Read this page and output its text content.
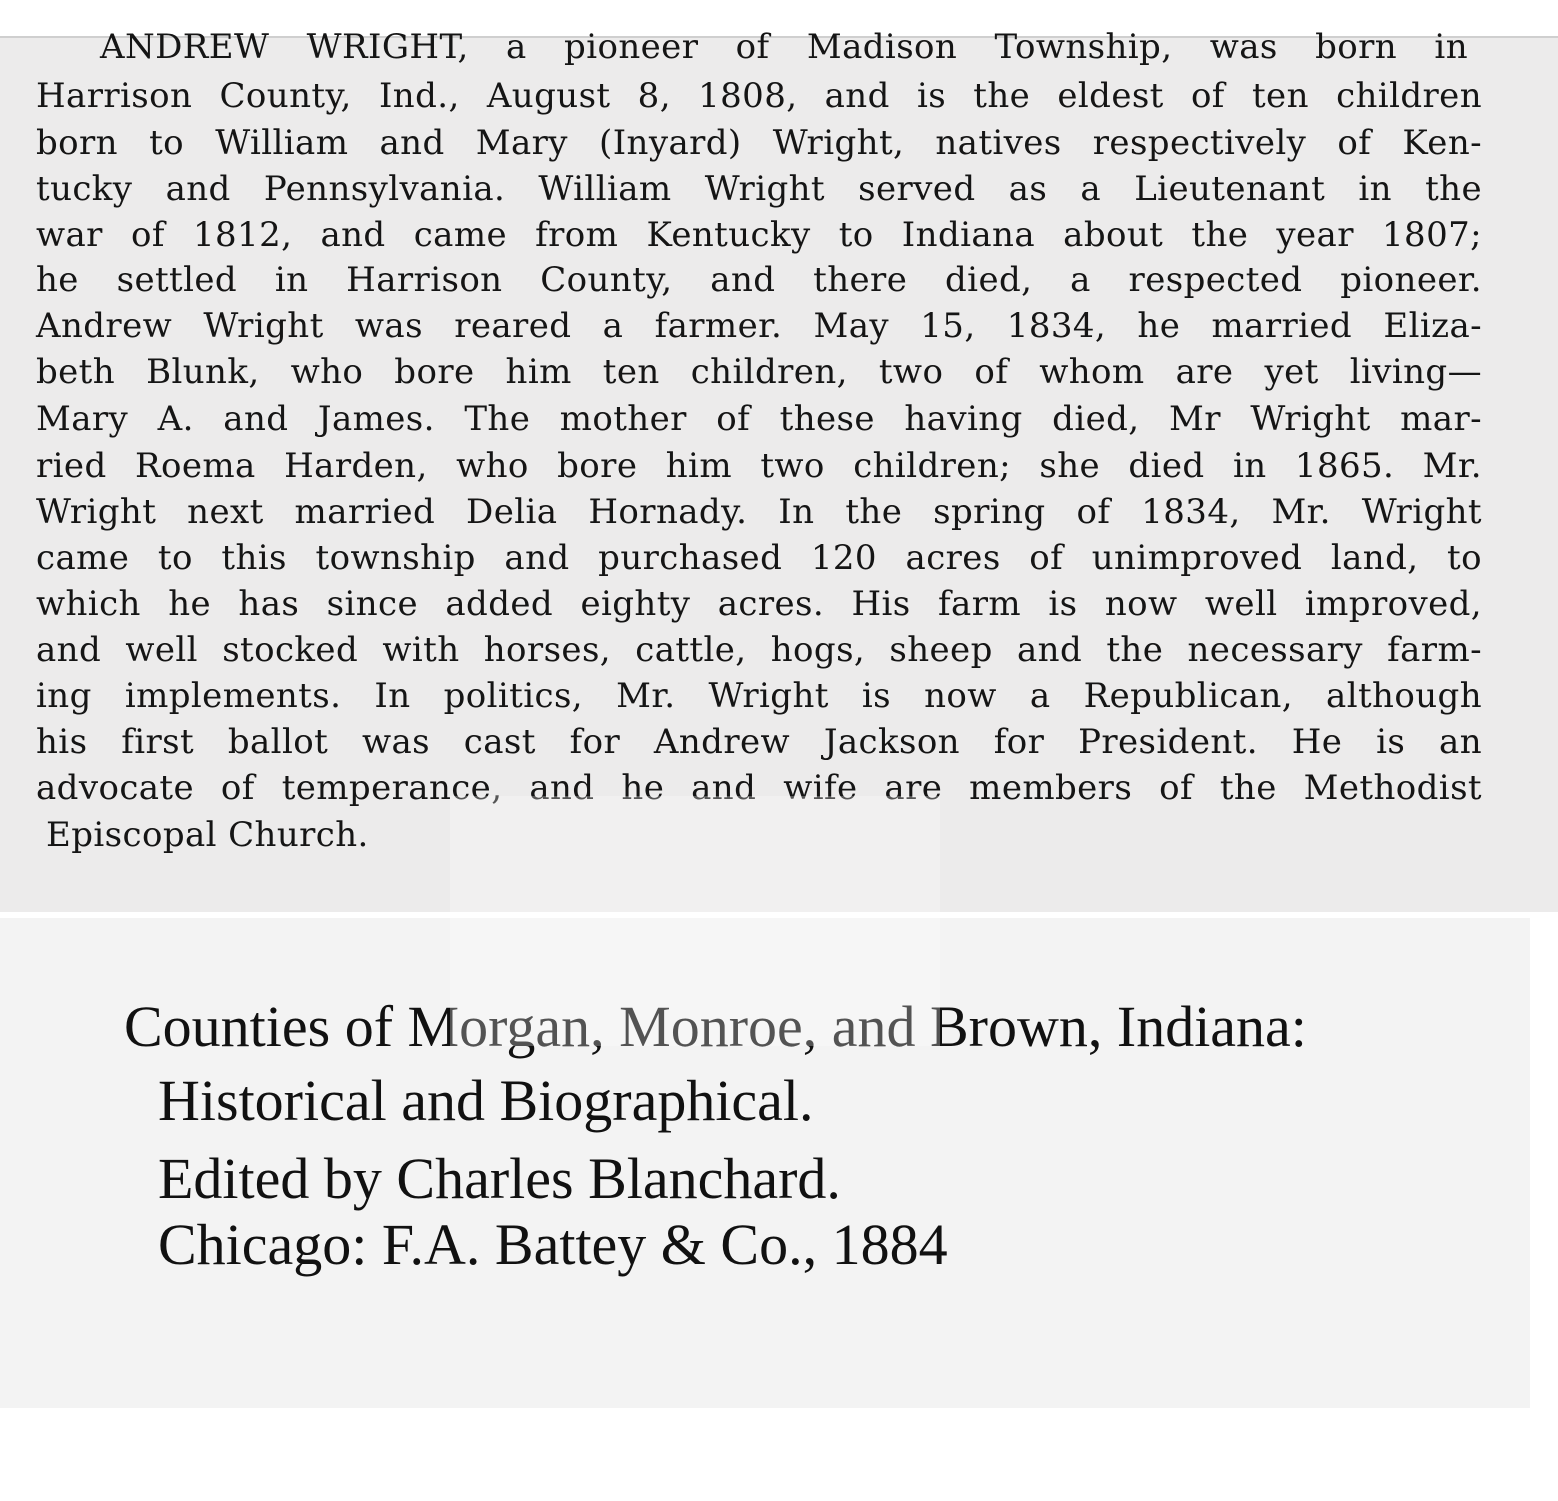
ANDREW WRIGHT, a pioneer of Madison Township, was born in

Harrison County, Ind., August 8, 1808, and is the eldest of ten children

born to William and Mary (Inyard) Wright, natives respectively of Ken-

tucky and Pennsylvania. William Wright served as a Lieutenant in the

war of 1812, and came from Kentucky to Indiana about the year 1807;

he settled in Harrison County, and there died, a respected pioneer.

Andrew Wright was reared a farmer. May 15, 1834, he married Eliza-

beth Blunk, who bore him ten children, two of whom are yet living—

Mary A. and James. The mother of these having died, Mr Wright mar-

ried Roema Harden, who bore him two children; she died in 1865. Mr.

Wright next married Delia Hornady. In the spring of 1834, Mr. Wright

came to this township and purchased 120 acres of unimproved land, to

which he has since added eighty acres. His farm is now well improved,

and well stocked with horses, cattle, hogs, sheep and the necessary farm-

ing implements. In politics, Mr. Wright is now a Republican, although

his first ballot was cast for Andrew Jackson for President. He is an

advocate of temperance, and he and wife are members of the Methodist

Episcopal Church.

Counties of Morgan, Monroe, and Brown, Indiana:

Historical and Biographical.

Edited by Charles Blanchard.

Chicago: F.A. Battey & Co., 1884
